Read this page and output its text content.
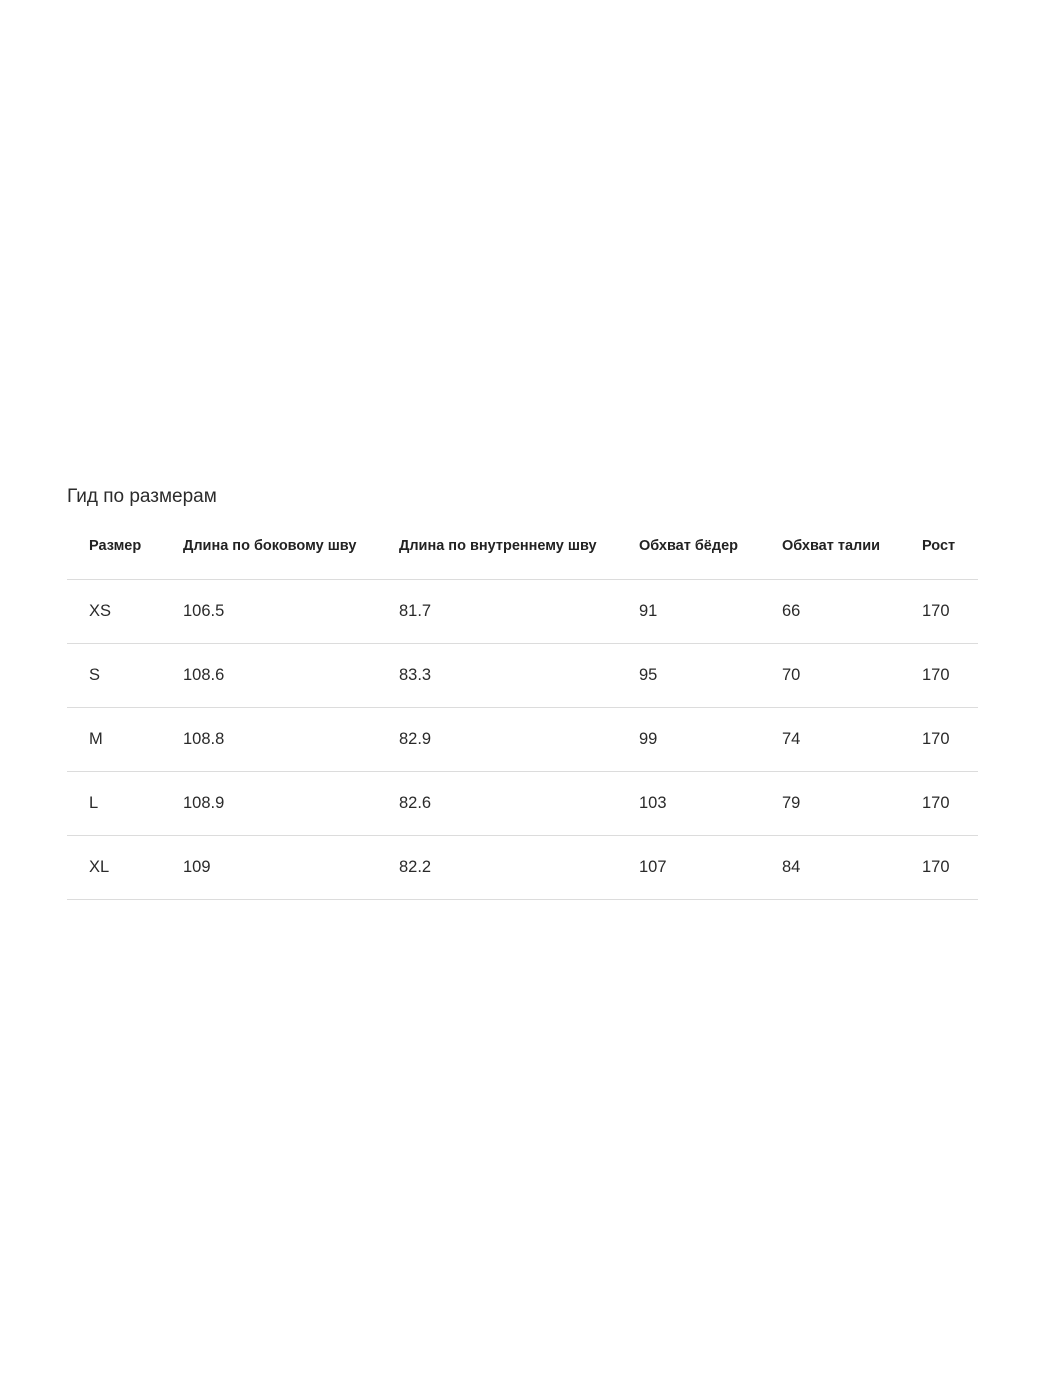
Гид по размерам
Размер	Длина по боковому шву	Длина по внутреннему шву	Обхват бёдер	Обхват талии	Рост
XS	106.5	81.7	91	66	170
S	108.6	83.3	95	70	170
M	108.8	82.9	99	74	170
L	108.9	82.6	103	79	170
XL	109	82.2	107	84	170
